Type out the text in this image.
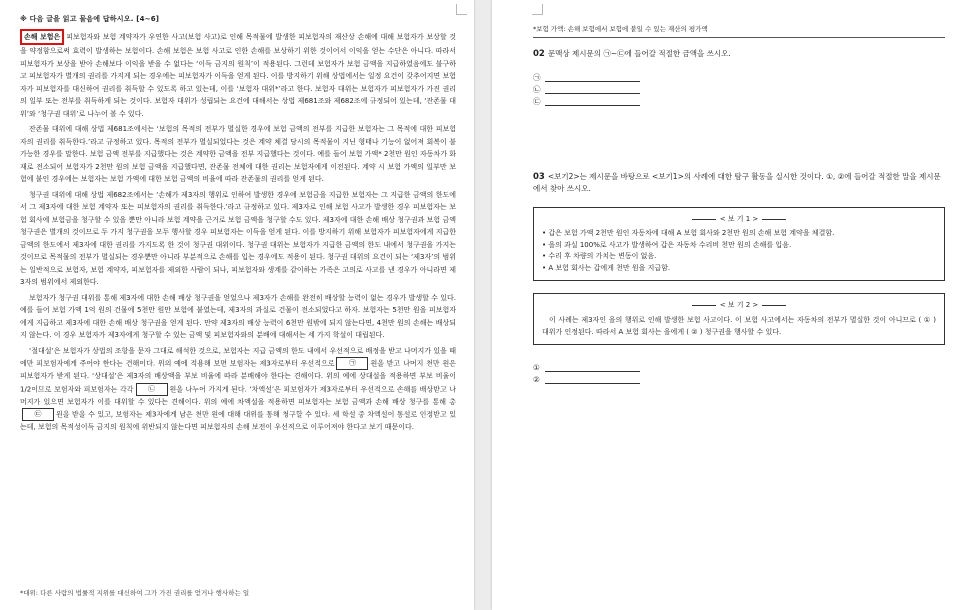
※ 다음 글을 읽고 물음에 답하시오. [4~6]

손해 보험은 피보험자와 보험 계약자가 우연한 사고(보험 사고)로 인해 목적물에 발생한 피보험자의 재산상 손해에 대해 보험자가 보상할 것을 약정함으로써 효력이 발생하는 보험이다. 손해 보험은 보험 사고로 인한 손해를 보상하기 위한 것이어서 이익을 얻는 수단은 아니다. 따라서 피보험자가 보상을 받아 손해보다 이익을 받을 수 없다는 ‘이득 금지의 원칙’이 적용된다. 그런데 보험자가 보험 금액을 지급하였음에도 불구하고 피보험자가 별개의 권리를 가지게 되는 경우에는 피보험자가 이득을 얻게 된다. 이를 방지하기 위해 상법에서는 일정 요건이 갖추어지면 보험자가 피보험자를 대신하여 권리를 취득할 수 있도록 하고 있는데, 이를 ‘보험자 대위*’라고 한다. 보험자 대위는 보험자가 피보험자가 가진 권리의 일부 또는 전부를 취득하게 되는 것이다. 보험자 대위가 성립되는 요건에 대해서는 상법 제681조와 제682조에 규정되어 있는데, ‘잔존물 대위’와 ‘청구권 대위’로 나누어 볼 수 있다.

잔존물 대위에 대해 상법 제681조에서는 ‘보험의 목적의 전부가 멸실한 경우에 보험 금액의 전부를 지급한 보험자는 그 목적에 대한 피보험자의 권리를 취득한다.’라고 규정하고 있다. 목적의 전부가 멸실되었다는 것은 계약 체결 당시의 목적물이 지닌 형태나 기능이 없어져 회복이 불가능한 경우를 말한다. 보험 금액 전부를 지급했다는 것은 계약한 금액을 전부 지급했다는 것이다. 예를 들어 보험 가액* 2천만 원인 자동차가 화재로 전소되어 보험자가 2천만 원의 보험 금액을 지급했다면, 잔존물 전체에 대한 권리는 보험자에게 이전된다. 계약 시 보험 가액의 일부만 보험에 붙인 경우에는 보험자는 보험 가액에 대한 보험 금액의 비율에 따라 잔존물의 권리를 얻게 된다.

청구권 대위에 대해 상법 제682조에서는 ‘손해가 제3자의 행위로 인하여 발생한 경우에 보험금을 지급한 보험자는 그 지급한 금액의 한도에서 그 제3자에 대한 보험 계약자 또는 피보험자의 권리를 취득한다.’라고 규정하고 있다. 제3자로 인해 보험 사고가 발생한 경우 피보험자는 보험 회사에 보험금을 청구할 수 있을 뿐만 아니라 보험 계약을 근거로 보험 금액을 청구할 수도 있다. 제3자에 대한 손해 배상 청구권과 보험 금액 청구권은 별개의 것이므로 두 가지 청구권을 모두 행사할 경우 피보험자는 이득을 얻게 된다. 이를 방지하기 위해 보험자가 피보험자에게 지급한 금액의 한도에서 제3자에 대한 권리를 가지도록 한 것이 청구권 대위이다. 청구권 대위는 보험자가 지급한 금액의 한도 내에서 청구권을 가지는 것이므로 목적물의 전부가 멸실되는 경우뿐만 아니라 부분적으로 손해를 입는 경우에도 적용이 된다. 청구권 대위의 요건이 되는 ‘제3자’의 범위는 일반적으로 보험자, 보험 계약자, 피보험자를 제외한 사람이 되나, 피보험자와 생계를 같이하는 가족은 고의로 사고를 낸 경우가 아니라면 제3자의 범위에서 제외한다.

보험자가 청구권 대위를 통해 제3자에 대한 손해 배상 청구권을 얻었으나 제3자가 손해를 완전히 배상할 능력이 없는 경우가 발생할 수 있다. 예를 들어 보험 가액 1억 원의 건물에 5천만 원만 보험에 붙였는데, 제3자의 과실로 건물이 전소되었다고 하자. 보험자는 5천만 원을 피보험자에게 지급하고 제3자에 대한 손해 배상 청구권을 얻게 된다. 만약 제3자의 배상 능력이 6천만 원밖에 되지 않는다면, 4천만 원의 손해는 배상되지 않는다. 이 경우 보험자가 제3자에게 청구할 수 있는 금액 및 피보험자와의 분배에 대해서는 세 가지 학설이 대립된다.

‘절대설’은 보험자가 상법의 조항을 문자 그대로 해석한 것으로, 보험자는 지급 금액의 한도 내에서 우선적으로 배정을 받고 나머지가 있을 때에만 피보험자에게 주어야 한다는 견해이다. 위의 예에 적용해 보면 보험자는 제3자로부터 우선적으로 ㉠ 원을 받고 나머지 천만 원은 피보험자가 받게 된다. ‘상대설’은 제3자의 배상액을 부보 비율에 따라 분배해야 한다는 견해이다. 위의 예에 상대설을 적용하면 부보 비율이 1/2이므로 보험자와 피보험자는 각각 ㉡ 원을 나누어 가지게 된다. ‘차액설’은 피보험자가 제3자로부터 우선적으로 손해를 배상받고 나머지가 있으면 보험자가 이를 대위할 수 있다는 견해이다. 위의 예에 차액설을 적용하면 피보험자는 보험 금액과 손해 배상 청구를 통해 총㉢ 원을 받을 수 있고, 보험자는 제3자에게 남은 천만 원에 대해 대위를 통해 청구할 수 있다. 세 학설 중 차액설이 통설로 인정받고 있는데, 보험의 목적성이득 금지의 원칙에 위반되지 않는다면 피보험자의 손해 보전이 우선적으로 이루어져야 한다고 보기 때문이다.

*대위: 다른 사람의 법률적 지위를 대신하여 그가 가진 권리를 얻거나 행사하는 일
*보험 가액: 손해 보험에서 보험에 붙일 수 있는 재산의 평가액
02 문맥상 제시문의 ㉠~㉢에 들어갈 적절한 금액을 쓰시오.
㉠
㉡
㉢
03 <보기2>는 제시문을 바탕으로 <보기1>의 사례에 대한 탐구 활동을 실시한 것이다. ①, ②에 들어갈 적절한 말을 제시문에서 찾아 쓰시오.
< 보 기 1 >
• 갑은 보험 가액 2천만 원인 자동차에 대해 A 보험 회사와 2천만 원의 손해 보험 계약을 체결함.
• 을의 과실 100%로 사고가 발생하여 갑은 자동차 수리비 천만 원의 손해를 입음.
• 수리 후 차량의 가치는 변동이 없음.
• A 보험 회사는 갑에게 천만 원을 지급함.
< 보 기 2 >
이 사례는 제3자인 을의 행위로 인해 발생한 보험 사고이다. 이 보험 사고에서는 자동차의 전부가 멸실한 것이 아니므로 ( ① ) 대위가 인정된다. 따라서 A 보험 회사는 을에게 ( ② ) 청구권을 행사할 수 있다.
①
②
